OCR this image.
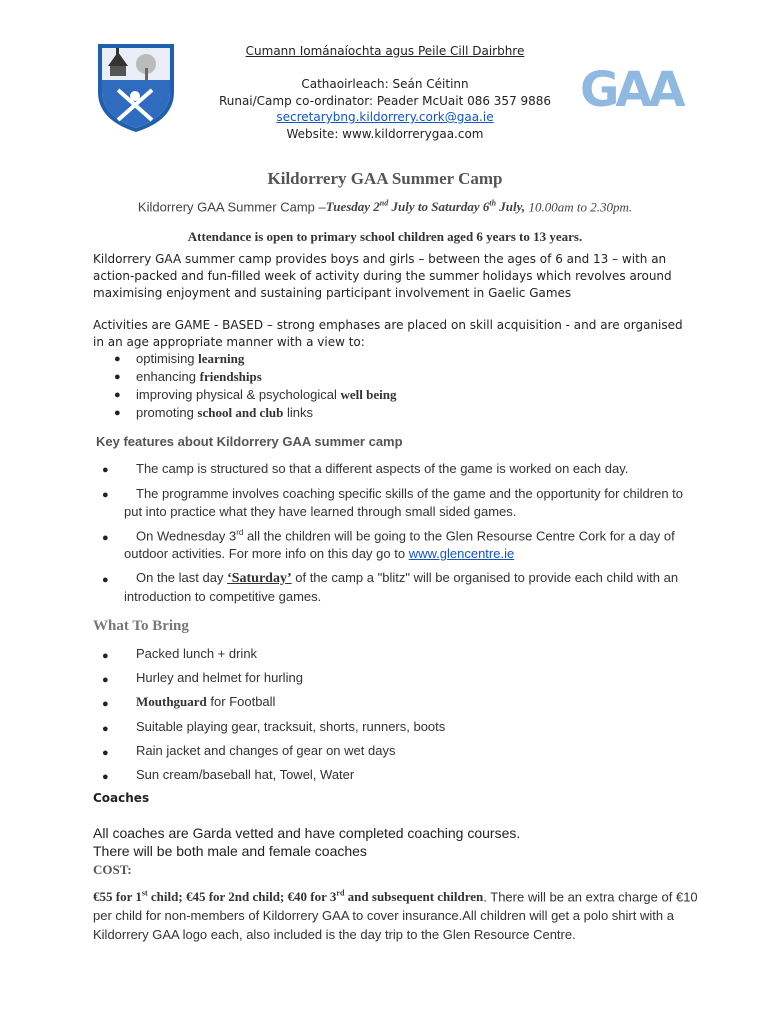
GAA
Cumann Iománaíochta agus Peile Cill Dairbhre
Cathaoirleach: Seán Céitinn
Runai/Camp co-ordinator: Peader McUait 086 357 9886
secretarybng.kildorrery.cork@gaa.ie
Website: www.kildorrerygaa.com
Kildorrery GAA Summer Camp
Kildorrery GAA Summer Camp –Tuesday 2nd July to Saturday 6th July, 10.00am to 2.30pm.
Attendance is open to primary school children aged 6 years to 13 years.
Kildorrery GAA summer camp provides boys and girls – between the ages of 6 and 13 – with an action-packed and fun-filled week of activity during the summer holidays which revolves around maximising enjoyment and sustaining participant involvement in Gaelic Games
Activities are GAME - BASED – strong emphases are placed on skill acquisition - and are organised in an age appropriate manner with a view to:
● optimising learning
● enhancing friendships
● improving physical & psychological well being
● promoting school and club links
Key features about Kildorrery GAA summer camp
● The camp is structured so that a different aspects of the game is worked on each day.
● The programme involves coaching specific skills of the game and the opportunity for children to
put into practice what they have learned through small sided games.
● On Wednesday 3rd all the children will be going to the Glen Resourse Centre Cork for a day of
outdoor activities. For more info on this day go to www.glencentre.ie
● On the last day ‘Saturday’ of the camp a "blitz" will be organised to provide each child with an
introduction to competitive games.
What To Bring
● Packed lunch + drink
● Hurley and helmet for hurling
● Mouthguard for Football
● Suitable playing gear, tracksuit, shorts, runners, boots
● Rain jacket and changes of gear on wet days
● Sun cream/baseball hat, Towel, Water
Coaches
All coaches are Garda vetted and have completed coaching courses.
There will be both male and female coaches
COST:
€55 for 1st child; €45 for 2nd child; €40 for 3rd and subsequent children. There will be an extra charge of €10
per child for non-members of Kildorrery GAA to cover insurance.All children will get a polo shirt with a
Kildorrery GAA logo each, also included is the day trip to the Glen Resource Centre.
